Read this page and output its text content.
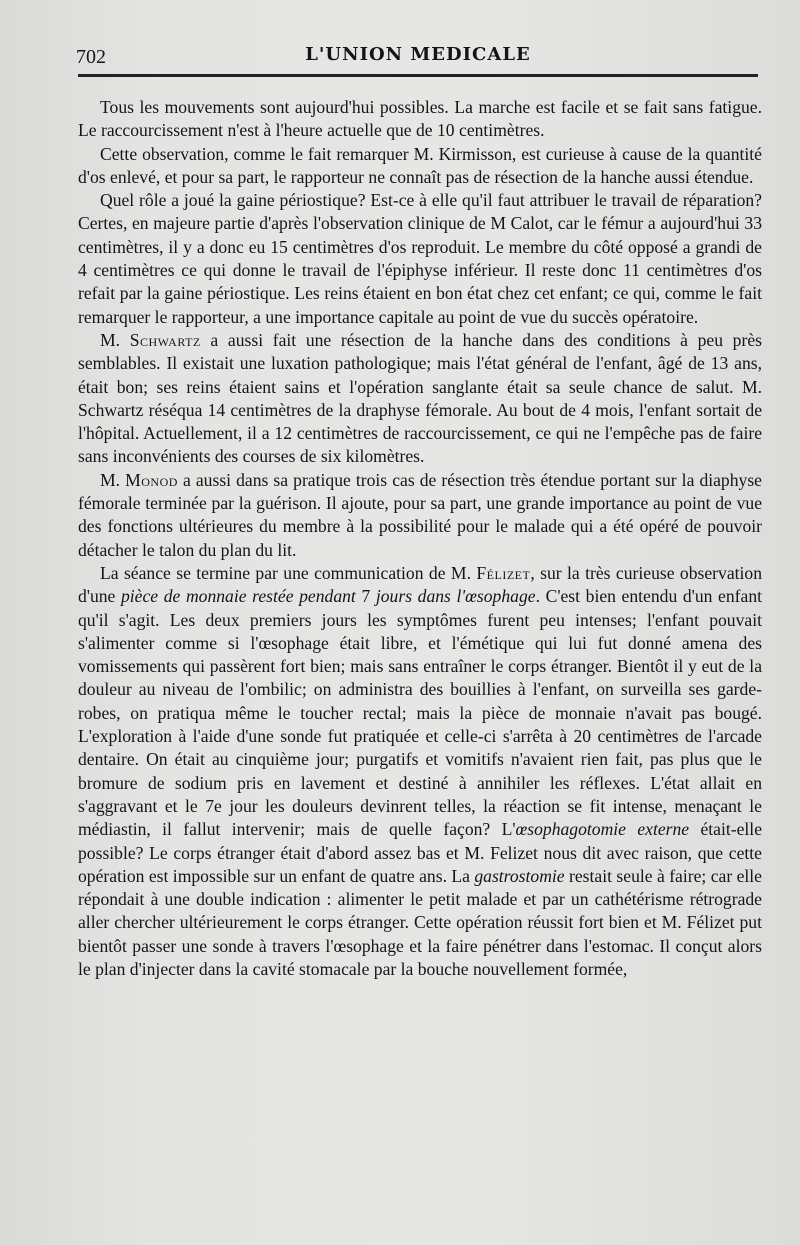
702	L'UNION MEDICALE

Tous les mouvements sont aujourd'hui possibles. La marche est facile et se fait sans fatigue. Le raccourcissement n'est à l'heure actuelle que de 10 centimètres.

Cette observation, comme le fait remarquer M. Kirmisson, est curieuse à cause de la quantité d'os enlevé, et pour sa part, le rapporteur ne connaît pas de résection de la hanche aussi étendue.

Quel rôle a joué la gaine périostique? Est-ce à elle qu'il faut attribuer le travail de réparation? Certes, en majeure partie d'après l'observation clinique de M Calot, car le fémur a aujourd'hui 33 centimètres, il y a donc eu 15 centimètres d'os reproduit. Le membre du côté opposé a grandi de 4 centimètres ce qui donne le travail de l'épiphyse inférieur. Il reste donc 11 centimètres d'os refait par la gaine périostique. Les reins étaient en bon état chez cet enfant; ce qui, comme le fait remarquer le rapporteur, a une importance capitale au point de vue du succès opératoire.

M. Schwartz a aussi fait une résection de la hanche dans des conditions à peu près semblables. Il existait une luxation pathologique; mais l'état général de l'enfant, âgé de 13 ans, était bon; ses reins étaient sains et l'opération sanglante était sa seule chance de salut. M. Schwartz réséqua 14 centimètres de la draphyse fémorale. Au bout de 4 mois, l'enfant sortait de l'hôpital. Actuellement, il a 12 centimètres de raccourcissement, ce qui ne l'empêche pas de faire sans inconvénients des courses de six kilomètres.

M. Monod a aussi dans sa pratique trois cas de résection très étendue portant sur la diaphyse fémorale terminée par la guérison. Il ajoute, pour sa part, une grande importance au point de vue des fonctions ultérieures du membre à la possibilité pour le malade qui a été opéré de pouvoir détacher le talon du plan du lit.

La séance se termine par une communication de M. Félizet, sur la très curieuse observation d'une pièce de monnaie restée pendant 7 jours dans l'œsophage. C'est bien entendu d'un enfant qu'il s'agit. Les deux premiers jours les symptômes furent peu intenses; l'enfant pouvait s'alimenter comme si l'œsophage était libre, et l'émétique qui lui fut donné amena des vomissements qui passèrent fort bien; mais sans entraîner le corps étranger. Bientôt il y eut de la douleur au niveau de l'ombilic; on administra des bouillies à l'enfant, on surveilla ses garde-robes, on pratiqua même le toucher rectal; mais la pièce de monnaie n'avait pas bougé. L'exploration à l'aide d'une sonde fut pratiquée et celle-ci s'arrêta à 20 centimètres de l'arcade dentaire. On était au cinquième jour; purgatifs et vomitifs n'avaient rien fait, pas plus que le bromure de sodium pris en lavement et destiné à annihiler les réflexes. L'état allait en s'aggravant et le 7e jour les douleurs devinrent telles, la réaction se fit intense, menaçant le médiastin, il fallut intervenir; mais de quelle façon? L'œsophagotomie externe était-elle possible? Le corps étranger était d'abord assez bas et M. Felizet nous dit avec raison, que cette opération est impossible sur un enfant de quatre ans. La gastrostomie restait seule à faire; car elle répondait à une double indication : alimenter le petit malade et par un cathétérisme rétrograde aller chercher ultérieurement le corps étranger. Cette opération réussit fort bien et M. Félizet put bientôt passer une sonde à travers l'œsophage et la faire pénétrer dans l'estomac. Il conçut alors le plan d'injecter dans la cavité stomacale par la bouche nouvellement formée,
